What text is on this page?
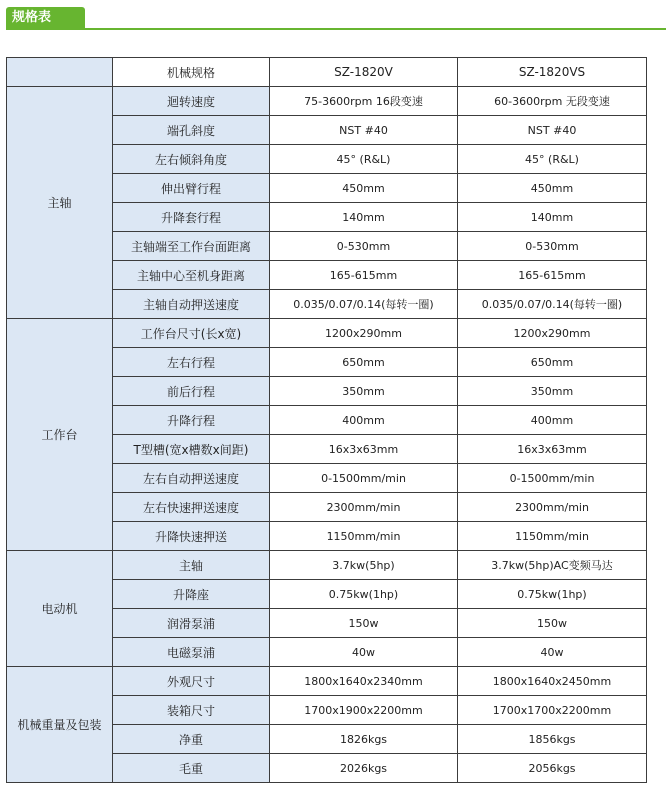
规格表
	机械规格	SZ-1820V	SZ-1820VS
主轴	迴转速度	75-3600rpm 16段变速	60-3600rpm 无段变速
	端孔斜度	NST #40	NST #40
	左右倾斜角度	45° (R&L)	45° (R&L)
	伸出臂行程	450mm	450mm
	升降套行程	140mm	140mm
	主轴端至工作台面距离	0-530mm	0-530mm
	主轴中心至机身距离	165-615mm	165-615mm
	主轴自动押送速度	0.035/0.07/0.14(每转一圈)	0.035/0.07/0.14(每转一圈)
工作台	工作台尺寸(长x宽)	1200x290mm	1200x290mm
	左右行程	650mm	650mm
	前后行程	350mm	350mm
	升降行程	400mm	400mm
	T型槽(宽x槽数x间距)	16x3x63mm	16x3x63mm
	左右自动押送速度	0-1500mm/min	0-1500mm/min
	左右快速押送速度	2300mm/min	2300mm/min
	升降快速押送	1150mm/min	1150mm/min
电动机	主轴	3.7kw(5hp)	3.7kw(5hp)AC变频马达
	升降座	0.75kw(1hp)	0.75kw(1hp)
	润滑泵浦	150w	150w
	电磁泵浦	40w	40w
机械重量及包装	外观尺寸	1800x1640x2340mm	1800x1640x2450mm
	装箱尺寸	1700x1900x2200mm	1700x1700x2200mm
	净重	1826kgs	1856kgs
	毛重	2026kgs	2056kgs
